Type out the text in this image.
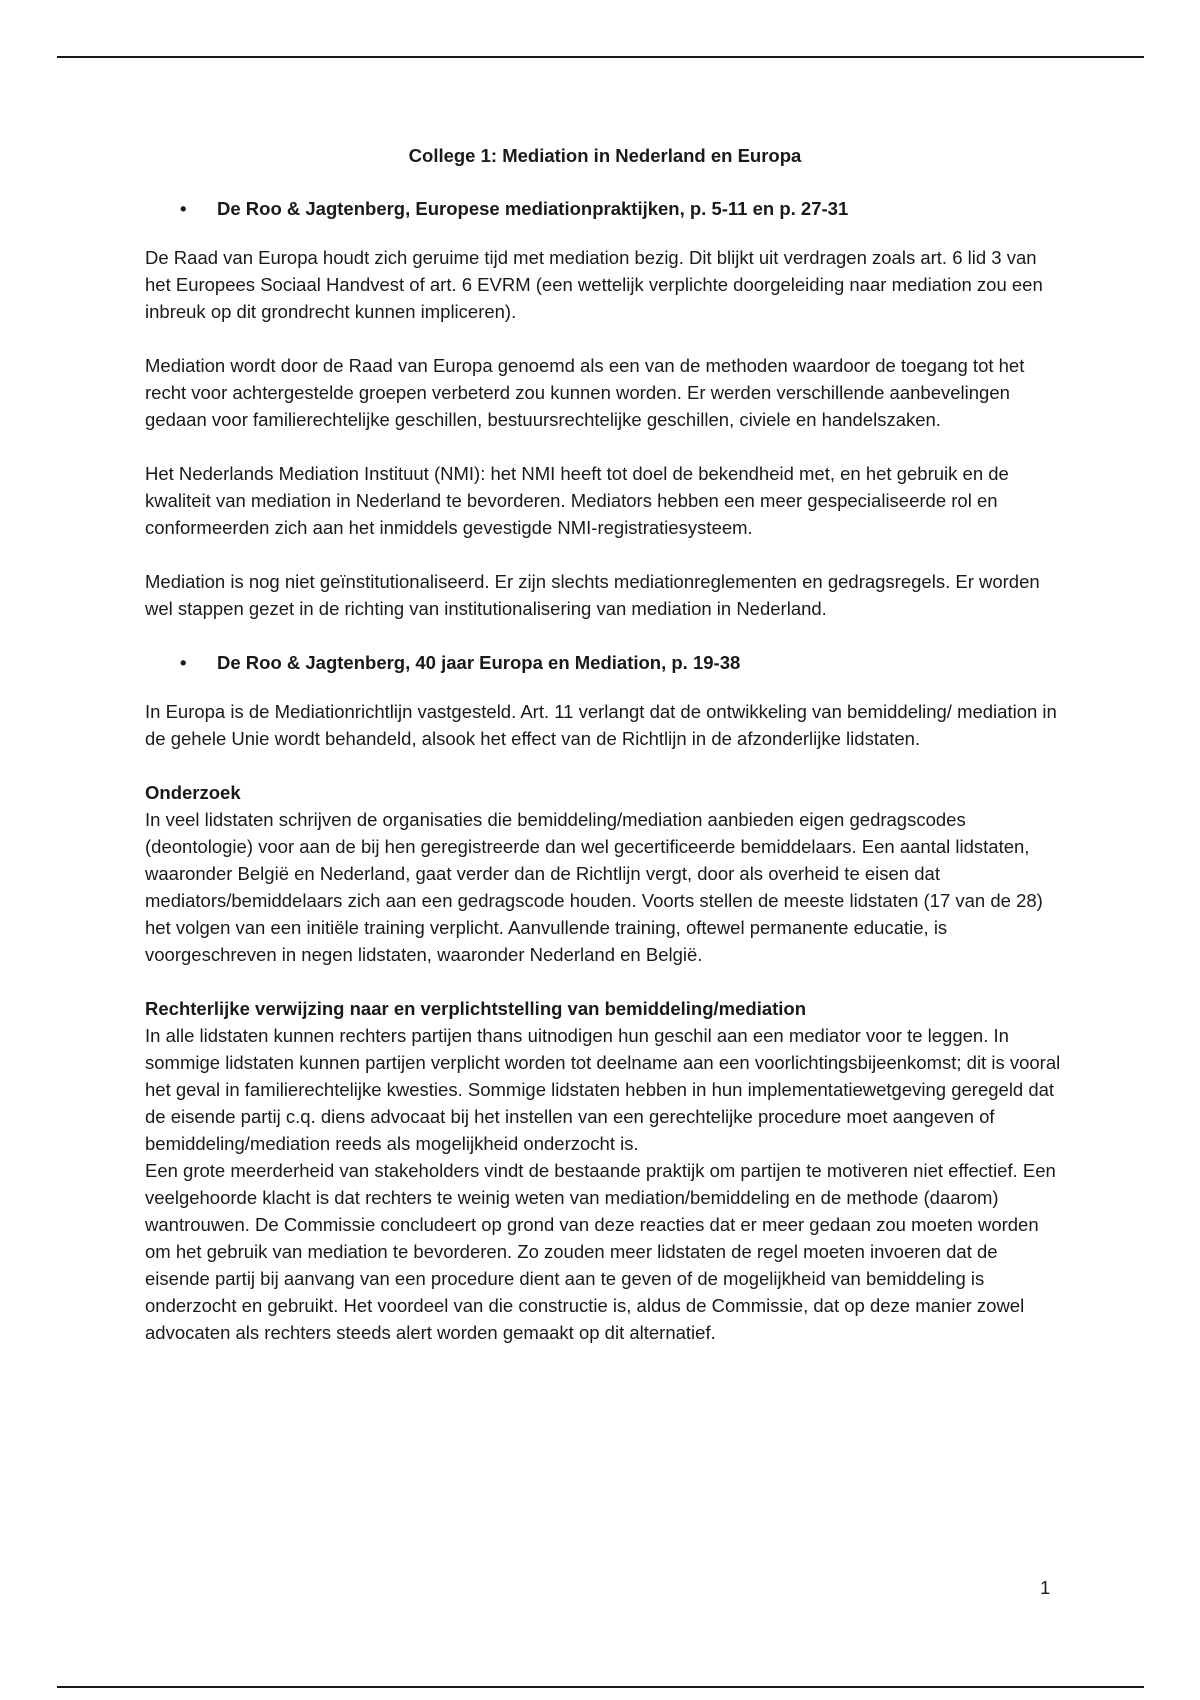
College 1: Mediation in Nederland en Europa

• De Roo & Jagtenberg, Europese mediationpraktijken, p. 5-11 en p. 27-31

De Raad van Europa houdt zich geruime tijd met mediation bezig. Dit blijkt uit verdragen zoals art. 6 lid 3 van het Europees Sociaal Handvest of art. 6 EVRM (een wettelijk verplichte doorgeleiding naar mediation zou een inbreuk op dit grondrecht kunnen impliceren).

Mediation wordt door de Raad van Europa genoemd als een van de methoden waardoor de toegang tot het recht voor achtergestelde groepen verbeterd zou kunnen worden. Er werden verschillende aanbevelingen gedaan voor familierechtelijke geschillen, bestuursrechtelijke geschillen, civiele en handelszaken.

Het Nederlands Mediation Instituut (NMI): het NMI heeft tot doel de bekendheid met, en het gebruik en de kwaliteit van mediation in Nederland te bevorderen. Mediators hebben een meer gespecialiseerde rol en conformeerden zich aan het inmiddels gevestigde NMI-registratiesysteem.

Mediation is nog niet geïnstitutionaliseerd. Er zijn slechts mediationreglementen en gedragsregels. Er worden wel stappen gezet in de richting van institutionalisering van mediation in Nederland.

• De Roo & Jagtenberg, 40 jaar Europa en Mediation, p. 19-38

In Europa is de Mediationrichtlijn vastgesteld. Art. 11 verlangt dat de ontwikkeling van bemiddeling/ mediation in de gehele Unie wordt behandeld, alsook het effect van de Richtlijn in de afzonderlijke lidstaten.

Onderzoek

In veel lidstaten schrijven de organisaties die bemiddeling/mediation aanbieden eigen gedragscodes (deontologie) voor aan de bij hen geregistreerde dan wel gecertificeerde bemiddelaars. Een aantal lidstaten, waaronder België en Nederland, gaat verder dan de Richtlijn vergt, door als overheid te eisen dat mediators/bemiddelaars zich aan een gedragscode houden. Voorts stellen de meeste lidstaten (17 van de 28) het volgen van een initiële training verplicht. Aanvullende training, oftewel permanente educatie, is voorgeschreven in negen lidstaten, waaronder Nederland en België.

Rechterlijke verwijzing naar en verplichtstelling van bemiddeling/mediation

In alle lidstaten kunnen rechters partijen thans uitnodigen hun geschil aan een mediator voor te leggen. In sommige lidstaten kunnen partijen verplicht worden tot deelname aan een voorlichtingsbijeenkomst; dit is vooral het geval in familierechtelijke kwesties. Sommige lidstaten hebben in hun implementatiewetgeving geregeld dat de eisende partij c.q. diens advocaat bij het instellen van een gerechtelijke procedure moet aangeven of bemiddeling/mediation reeds als mogelijkheid onderzocht is.

Een grote meerderheid van stakeholders vindt de bestaande praktijk om partijen te motiveren niet effectief. Een veelgehoorde klacht is dat rechters te weinig weten van mediation/bemiddeling en de methode (daarom) wantrouwen. De Commissie concludeert op grond van deze reacties dat er meer gedaan zou moeten worden om het gebruik van mediation te bevorderen. Zo zouden meer lidstaten de regel moeten invoeren dat de eisende partij bij aanvang van een procedure dient aan te geven of de mogelijkheid van bemiddeling is onderzocht en gebruikt. Het voordeel van die constructie is, aldus de Commissie, dat op deze manier zowel advocaten als rechters steeds alert worden gemaakt op dit alternatief.

1
